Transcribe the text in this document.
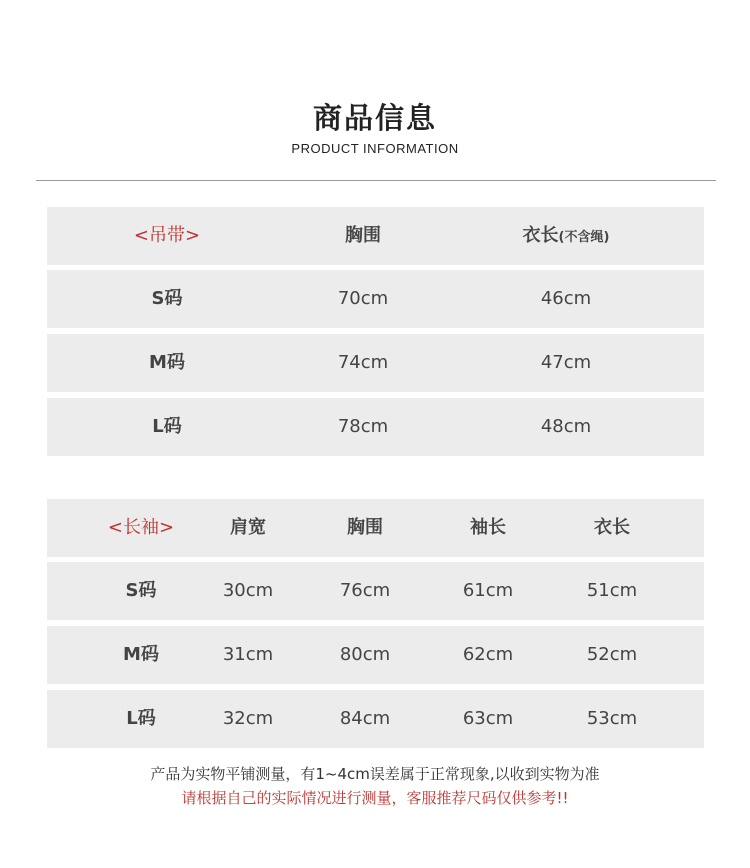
商品信息
PRODUCT INFORMATION
<吊带>	胸围	衣长(不含绳)
S码	70cm	46cm
M码	74cm	47cm
L码	78cm	48cm
<长袖>	肩宽	胸围	袖长	衣长
S码	30cm	76cm	61cm	51cm
M码	31cm	80cm	62cm	52cm
L码	32cm	84cm	63cm	53cm
产品为实物平铺测量，有1~4cm误差属于正常现象,以收到实物为准
请根据自己的实际情况进行测量，客服推荐尺码仅供参考!!
